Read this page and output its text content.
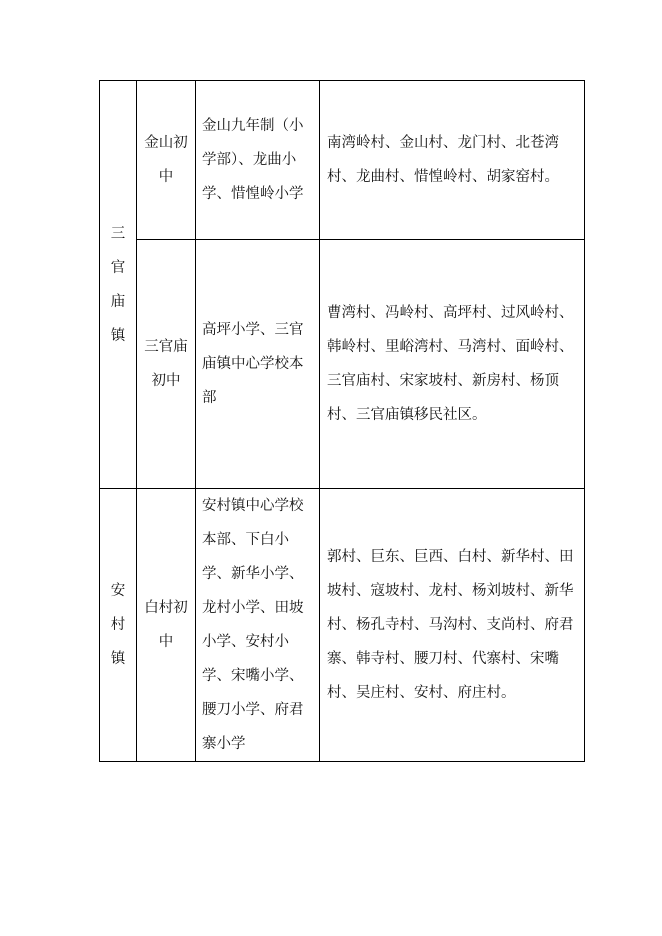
三官庙镇	金山初中	金山九年制（小学部）、龙曲小学、惜惶岭小学	南湾岭村、金山村、龙门村、北苍湾村、龙曲村、惜惶岭村、胡家窑村。

	三官庙初中	高坪小学、三官庙镇中心学校本部	曹湾村、冯岭村、高坪村、过风岭村、韩岭村、里峪湾村、马湾村、面岭村、三官庙村、宋家坡村、新房村、杨顶村、三官庙镇移民社区。

安村镇	白村初中	安村镇中心学校本部、下白小学、新华小学、龙村小学、田坡小学、安村小学、宋嘴小学、腰刀小学、府君寨小学	郭村、巨东、巨西、白村、新华村、田坡村、寇坡村、龙村、杨刘坡村、新华村、杨孔寺村、马沟村、支尚村、府君寨、韩寺村、腰刀村、代寨村、宋嘴村、吴庄村、安村、府庄村。
